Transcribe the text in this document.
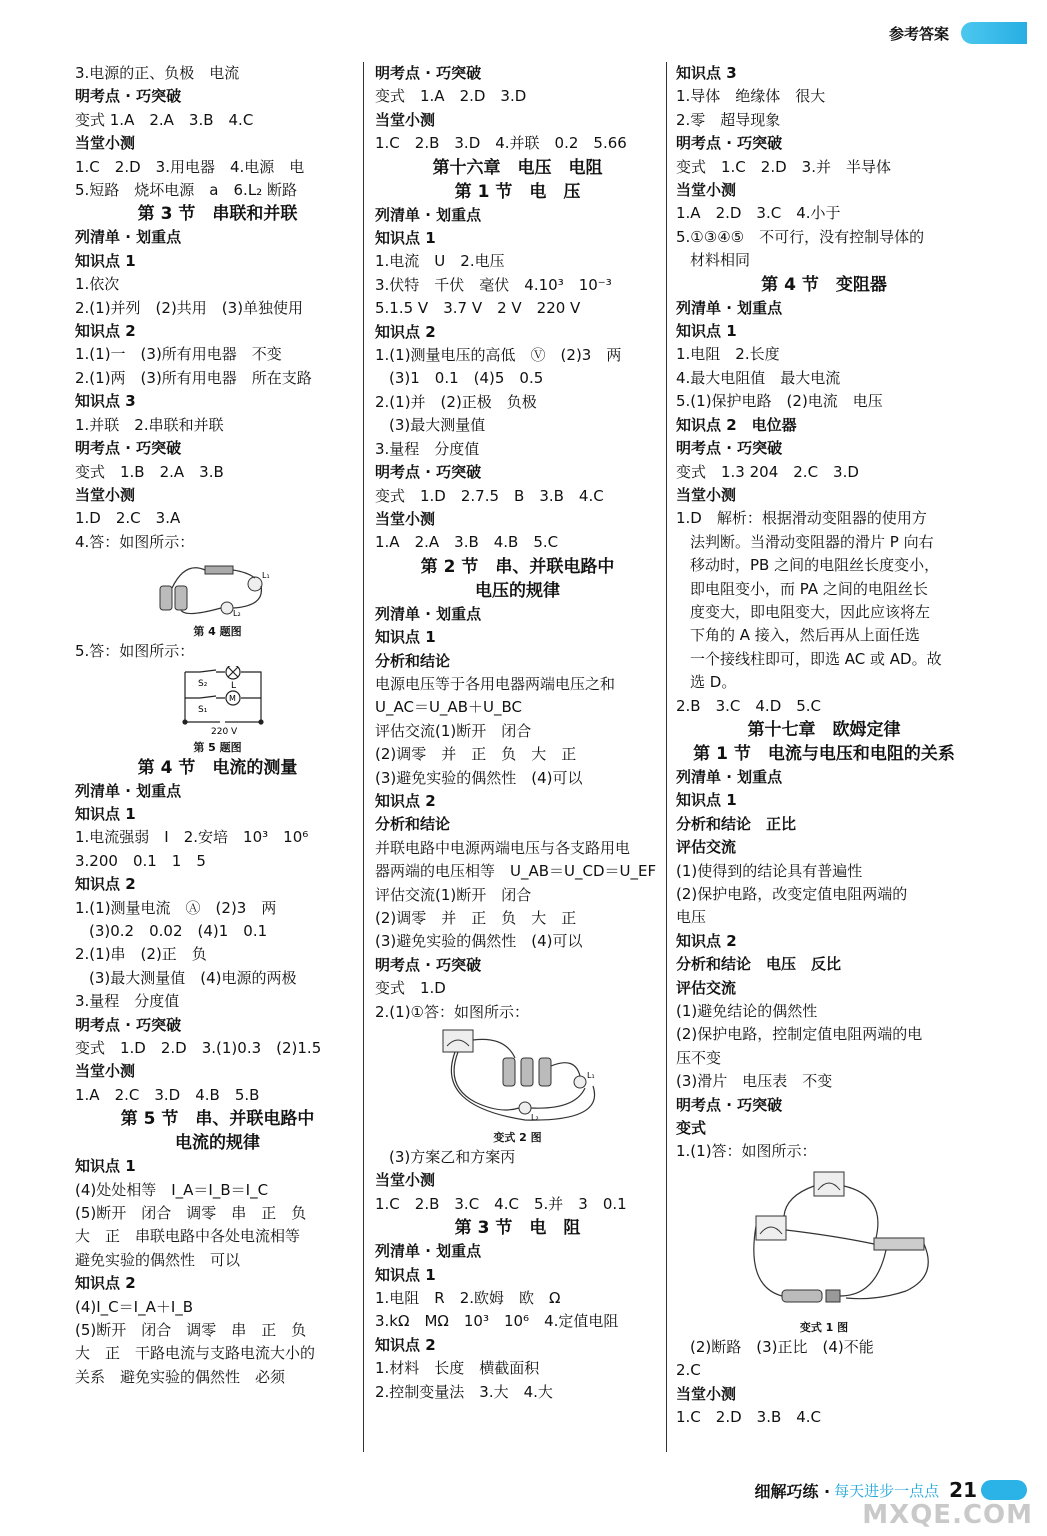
参考答案
3.电源的正、负极　电流
明考点 · 巧突破
变式 1.A　2.A　3.B　4.C
当堂小测
1.C　2.D　3.用电器　4.电源　电
5.短路　烧坏电源　a　6.L₂ 断路
第 3 节　串联和并联
列清单 · 划重点
知识点 1
1.依次
2.(1)并列　(2)共用　(3)单独使用
知识点 2
1.(1)一　(3)所有用电器　不变
2.(1)两　(3)所有用电器　所在支路
知识点 3
1.并联　2.串联和并联
明考点 · 巧突破
变式　1.B　2.A　3.B
当堂小测
1.D　2.C　3.A
4.答：如图所示：
L₁
L₂
第 4 题图
5.答：如图所示：
S₂	L
S₁
M
220 V
第 5 题图
第 4 节　电流的测量
列清单 · 划重点
知识点 1
1.电流强弱　I　2.安培　10³　10⁶
3.200　0.1　1　5
知识点 2
1.(1)测量电流　Ⓐ　(2)3　两
(3)0.2　0.02　(4)1　0.1
2.(1)串　(2)正　负
(3)最大测量值　(4)电源的两极
3.量程　分度值
明考点 · 巧突破
变式　1.D　2.D　3.(1)0.3　(2)1.5
当堂小测
1.A　2.C　3.D　4.B　5.B
第 5 节　串、并联电路中
电流的规律
知识点 1
(4)处处相等　I_A＝I_B＝I_C
(5)断开　闭合　调零　串　正　负
大　正　串联电路中各处电流相等
避免实验的偶然性　可以
知识点 2
(4)I_C＝I_A＋I_B
(5)断开　闭合　调零　串　正　负
大　正　干路电流与支路电流大小的
关系　避免实验的偶然性　必须
明考点 · 巧突破
变式　1.A　2.D　3.D
当堂小测
1.C　2.B　3.D　4.并联　0.2　5.66
第十六章　电压　电阻
第 1 节　电　压
列清单 · 划重点
知识点 1
1.电流　U　2.电压
3.伏特　千伏　毫伏　4.10³　10⁻³
5.1.5 V　3.7 V　2 V　220 V
知识点 2
1.(1)测量电压的高低　Ⓥ　(2)3　两
(3)1　0.1　(4)5　0.5
2.(1)并　(2)正极　负极
(3)最大测量值
3.量程　分度值
明考点 · 巧突破
变式　1.D　2.7.5　B　3.B　4.C
当堂小测
1.A　2.A　3.B　4.B　5.C
第 2 节　串、并联电路中
电压的规律
列清单 · 划重点
知识点 1
分析和结论
电源电压等于各用电器两端电压之和
U_AC＝U_AB＋U_BC
评估交流(1)断开　闭合
(2)调零　并　正　负　大　正
(3)避免实验的偶然性　(4)可以
知识点 2
分析和结论
并联电路中电源两端电压与各支路用电
器两端的电压相等　U_AB＝U_CD＝U_EF
评估交流(1)断开　闭合
(2)调零　并　正　负　大　正
(3)避免实验的偶然性　(4)可以
明考点 · 巧突破
变式　1.D
2.(1)①答：如图所示：
L₁
L₂
变式 2 图
(3)方案乙和方案丙
当堂小测
1.C　2.B　3.C　4.C　5.并　3　0.1
第 3 节　电　阻
列清单 · 划重点
知识点 1
1.电阻　R　2.欧姆　欧　Ω
3.kΩ　MΩ　10³　10⁶　4.定值电阻
知识点 2
1.材料　长度　横截面积
2.控制变量法　3.大　4.大
知识点 3
1.导体　绝缘体　很大
2.零　超导现象
明考点 · 巧突破
变式　1.C　2.D　3.并　半导体
当堂小测
1.A　2.D　3.C　4.小于
5.①③④⑤　不可行，没有控制导体的
材料相同
第 4 节　变阻器
列清单 · 划重点
知识点 1
1.电阻　2.长度
4.最大电阻值　最大电流
5.(1)保护电路　(2)电流　电压
知识点 2　电位器
明考点 · 巧突破
变式　1.3 204　2.C　3.D
当堂小测
1.D　解析：根据滑动变阻器的使用方
法判断。当滑动变阻器的滑片 P 向右
移动时，PB 之间的电阻丝长度变小，
即电阻变小，而 PA 之间的电阻丝长
度变大，即电阻变大，因此应该将左
下角的 A 接入，然后再从上面任选
一个接线柱即可，即选 AC 或 AD。故
选 D。
2.B　3.C　4.D　5.C
第十七章　欧姆定律
第 1 节　电流与电压和电阻的关系
列清单 · 划重点
知识点 1
分析和结论　正比
评估交流
(1)使得到的结论具有普遍性
(2)保护电路，改变定值电阻两端的
电压
知识点 2
分析和结论　电压　反比
评估交流
(1)避免结论的偶然性
(2)保护电路，控制定值电阻两端的电
压不变
(3)滑片　电压表　不变
明考点 · 巧突破
变式
1.(1)答：如图所示：
变式 1 图
(2)断路　(3)正比　(4)不能
2.C
当堂小测
1.C　2.D　3.B　4.C
细解巧练 · 每天进步一点点 21
MXQE.COM
